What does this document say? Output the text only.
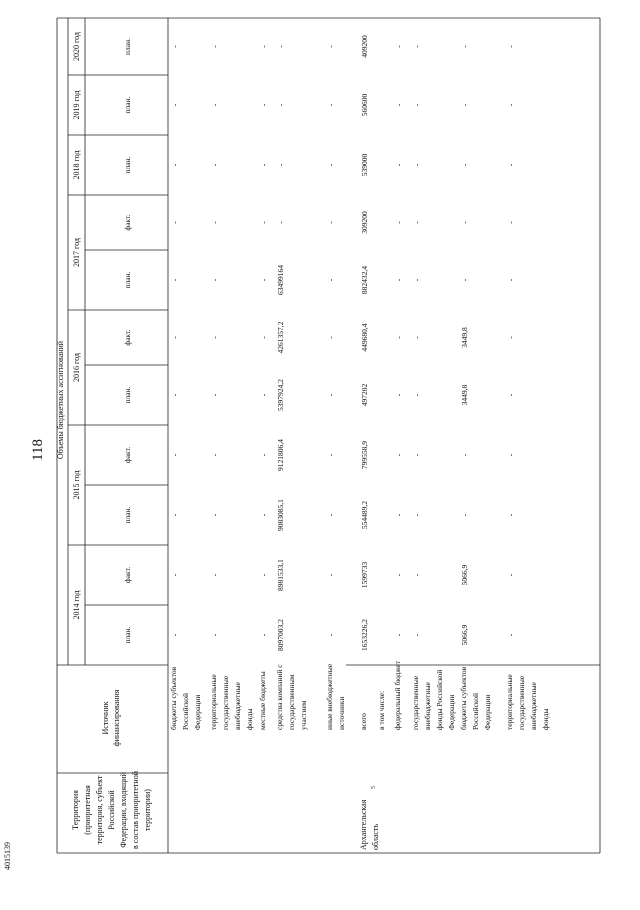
118
4015139
Территория (приоритетная территория, субъект Российской Федерации, входящий в состав приоритетной территории)
Источник финансирования
Объемы бюджетных ассигнований
2014 год
2015 год
2016 год
2017 год
2018 год
2019 год
2020 год
план.
факт.
план.
факт.
план.
факт.
план.
факт.
план.
план.
план.
бюджеты субъектов Российской Федерации
-
-
-
-
-
-
-
-
-
-
-
территориальные государственные внебюджетные фонды
-
-
-
-
-
-
-
-
-
-
-
местные бюджеты
-
-
-
-
-
-
-
-
-
-
-
средства компаний с государственным участием
8097003,2
8981533,1
9083085,1
9121806,4
5397924,2
4261357,2
63499164
-
-
-
-
иные внебюджетные источники
-
-
-
-
-
-
-
-
-
-
-
Архангельская область
5
всего
1653226,2
1599733
554489,2
799558,9
497202
449680,4
882432,4
309200
539000
560600
409200
в том числе: федеральный бюджет
-
-
-
-
-
-
-
-
-
-
-
государственные внебюджетные фонды Российской Федерации
-
-
-
-
-
-
-
-
-
-
-
бюджеты субъектов Российской Федерации
5066,9
5066,9
-
-
3449,8
3449,8
-
-
-
-
-
территориальные государственные внебюджетные фонды
-
-
-
-
-
-
-
-
-
-
-
